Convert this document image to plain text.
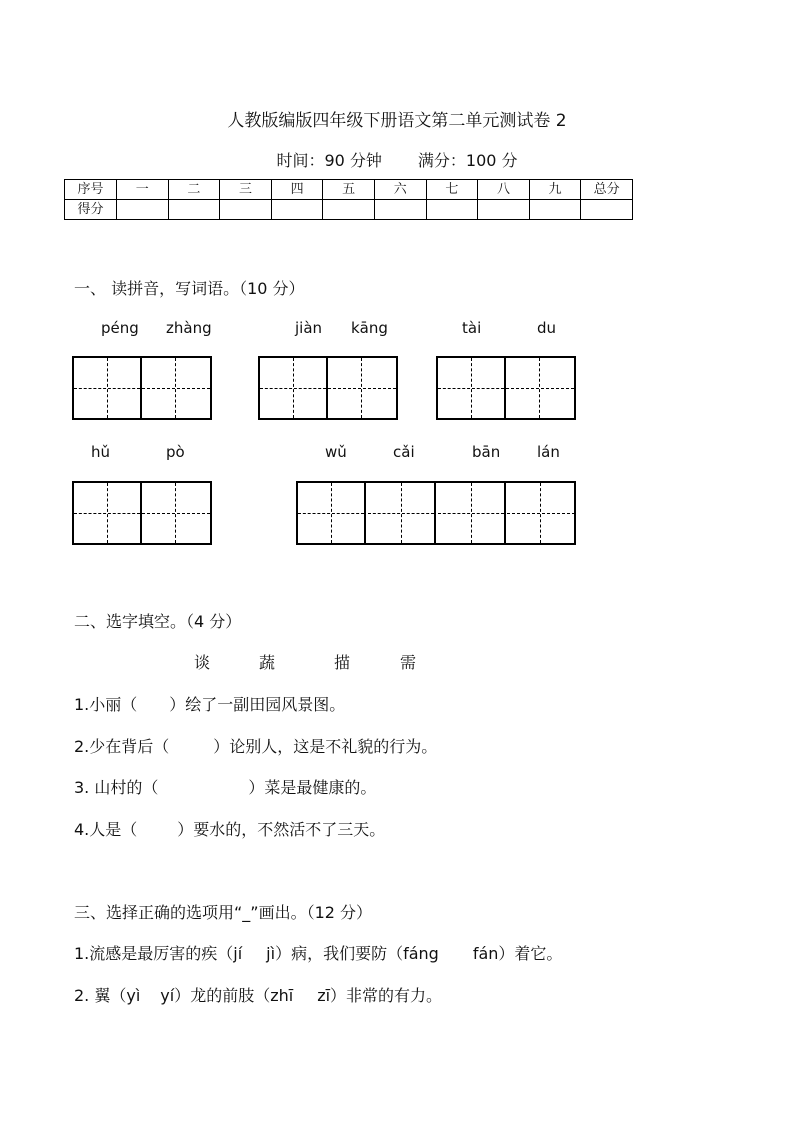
人教版编版四年级下册语文第二单元测试卷 2
时间：90 分钟 满分：100 分
序号	一	二	三	四	五	六	七	八	九	总分
得分										
一、 读拼音，写词语。（10 分）
péng zhàng	jiàn kāng	tài	du
hǔ	pò	wǔ	cǎi	bān lán
二、选字填空。（4 分）
谈	蔬	描	需
1.小丽（ ）绘了一副田园风景图。
2.少在背后（	）论别人，这是不礼貌的行为。
3. 山村的（	）菜是最健康的。
4.人是（	）要水的，不然活不了三天。
三、选择正确的选项用“_”画出。（12 分）
1.流感是最厉害的疾（jí jì）病，我们要防（fáng fán）着它。
2. 翼（yì yí）龙的前肢（zhī zī）非常的有力。
